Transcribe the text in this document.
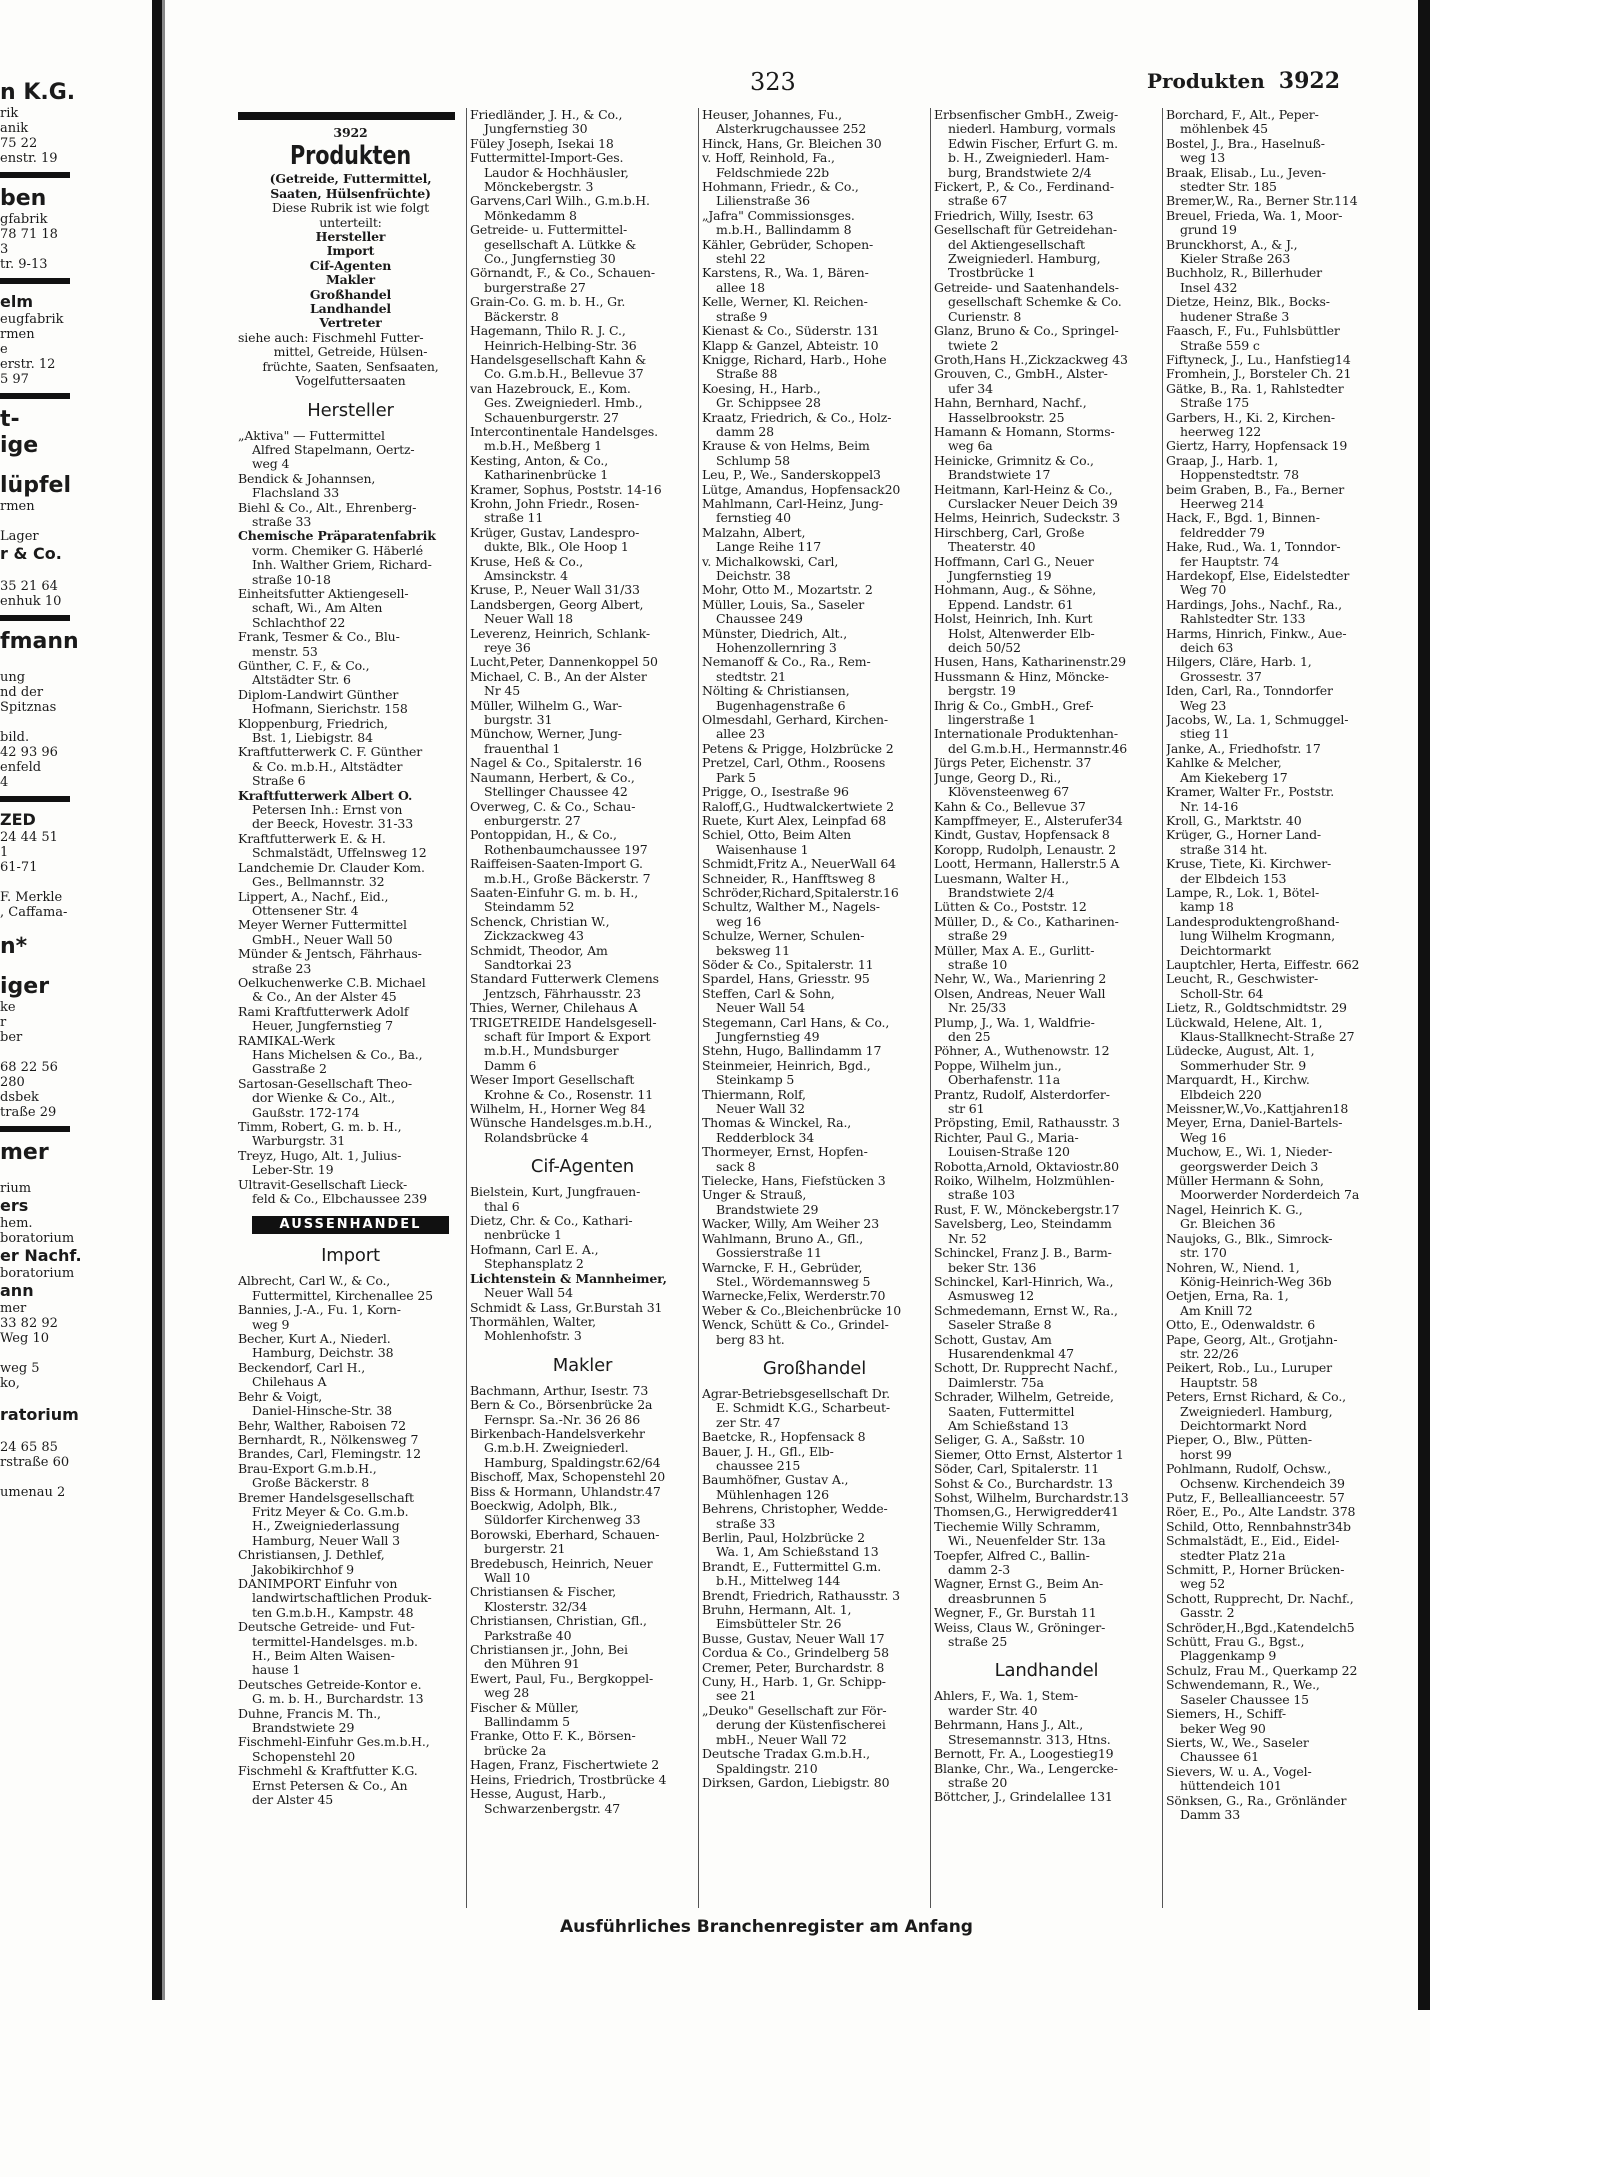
n K.G.
rik
anik
75 22
enstr. 19
ben
gfabrik
78 71 18
3
tr. 9-13
elm
eugfabrik
rmen
e
erstr. 12
5 97
t-
ige
lüpfel
rmen

Lager
r & Co.

35 21 64
enhuk 10
fmann

ung
nd der
Spitznas

bild.
42 93 96
enfeld
4
ZED
24 44 51
1
61-71

F. Merkle
, Caffama-
n*
iger
ke
r
ber

68 22 56
280
dsbek
traße 29
mer

rium
ers
hem.
boratorium
er Nachf.
boratorium
ann
mer
33 82 92
Weg 10

weg 5
ko,
ratorium

24 65 85
rstraße 60

umenau 2
323	Produkten 3922
3922
Produkten
(Getreide, Futtermittel,
Saaten, Hülsenfrüchte)
Diese Rubrik ist wie folgt
unterteilt:
Hersteller
Import
Cif-Agenten
Makler
Großhandel
Landhandel
Vertreter
siehe auch: Fischmehl Futter-
mittel, Getreide, Hülsen-
früchte, Saaten, Senfsaaten,
Vogelfuttersaaten
Hersteller
„Aktiva" — Futtermittel
Alfred Stapelmann, Oertz-
weg 4
Bendick & Johannsen,
Flachsland 33
Biehl & Co., Alt., Ehrenberg-
straße 33
Chemische Präparatenfabrik
vorm. Chemiker G. Häberlé
Inh. Walther Griem, Richard-
straße 10-18
Einheitsfutter Aktiengesell-
schaft, Wi., Am Alten
Schlachthof 22
Frank, Tesmer & Co., Blu-
menstr. 53
Günther, C. F., & Co.,
Altstädter Str. 6
Diplom-Landwirt Günther
Hofmann, Sierichstr. 158
Kloppenburg, Friedrich,
Bst. 1, Liebigstr. 84
Kraftfutterwerk C. F. Günther
& Co. m.b.H., Altstädter
Straße 6
Kraftfutterwerk Albert O.
Petersen Inh.: Ernst von
der Beeck, Hovestr. 31-33
Kraftfutterwerk E. & H.
Schmalstädt, Uffelnsweg 12
Landchemie Dr. Clauder Kom.
Ges., Bellmannstr. 32
Lippert, A., Nachf., Eid.,
Ottensener Str. 4
Meyer Werner Futtermittel
GmbH., Neuer Wall 50
Münder & Jentsch, Fährhaus-
straße 23
Oelkuchenwerke C.B. Michael
& Co., An der Alster 45
Rami Kraftfutterwerk Adolf
Heuer, Jungfernstieg 7
RAMIKAL-Werk
Hans Michelsen & Co., Ba.,
Gasstraße 2
Sartosan-Gesellschaft Theo-
dor Wienke & Co., Alt.,
Gaußstr. 172-174
Timm, Robert, G. m. b. H.,
Warburgstr. 31
Treyz, Hugo, Alt. 1, Julius-
Leber-Str. 19
Ultravit-Gesellschaft Lieck-
feld & Co., Elbchaussee 239
AUSSENHANDEL
Import
Albrecht, Carl W., & Co.,
Futtermittel, Kirchenallee 25
Bannies, J.-A., Fu. 1, Korn-
weg 9
Becher, Kurt A., Niederl.
Hamburg, Deichstr. 38
Beckendorf, Carl H.,
Chilehaus A
Behr & Voigt,
Daniel-Hinsche-Str. 38
Behr, Walther, Raboisen 72
Bernhardt, R., Nölkensweg 7
Brandes, Carl, Flemingstr. 12
Brau-Export G.m.b.H.,
Große Bäckerstr. 8
Bremer Handelsgesellschaft
Fritz Meyer & Co. G.m.b.
H., Zweigniederlassung
Hamburg, Neuer Wall 3
Christiansen, J. Dethlef,
Jakobikirchhof 9
DANIMPORT Einfuhr von
landwirtschaftlichen Produk-
ten G.m.b.H., Kampstr. 48
Deutsche Getreide- und Fut-
termittel-Handelsges. m.b.
H., Beim Alten Waisen-
hause 1
Deutsches Getreide-Kontor e.
G. m. b. H., Burchardstr. 13
Duhne, Francis M. Th.,
Brandstwiete 29
Fischmehl-Einfuhr Ges.m.b.H.,
Schopenstehl 20
Fischmehl & Kraftfutter K.G.
Ernst Petersen & Co., An
der Alster 45
Friedländer, J. H., & Co.,
Jungfernstieg 30
Füley Joseph, Isekai 18
Futtermittel-Import-Ges.
Laudor & Hochhäusler,
Mönckebergstr. 3
Garvens,Carl Wilh., G.m.b.H.
Mönkedamm 8
Getreide- u. Futtermittel-
gesellschaft A. Lütkke &
Co., Jungfernstieg 30
Görnandt, F., & Co., Schauen-
burgerstraße 27
Grain-Co. G. m. b. H., Gr.
Bäckerstr. 8
Hagemann, Thilo R. J. C.,
Heinrich-Helbing-Str. 36
Handelsgesellschaft Kahn &
Co. G.m.b.H., Bellevue 37
van Hazebrouck, E., Kom.
Ges. Zweigniederl. Hmb.,
Schauenburgerstr. 27
Intercontinentale Handelsges.
m.b.H., Meßberg 1
Kesting, Anton, & Co.,
Katharinenbrücke 1
Kramer, Sophus, Poststr. 14-16
Krohn, John Friedr., Rosen-
straße 11
Krüger, Gustav, Landespro-
dukte, Blk., Ole Hoop 1
Kruse, Heß & Co.,
Amsinckstr. 4
Kruse, P., Neuer Wall 31/33
Landsbergen, Georg Albert,
Neuer Wall 18
Leverenz, Heinrich, Schlank-
reye 36
Lucht,Peter, Dannenkoppel 50
Michael, C. B., An der Alster
Nr 45
Müller, Wilhelm G., War-
burgstr. 31
Münchow, Werner, Jung-
frauenthal 1
Nagel & Co., Spitalerstr. 16
Naumann, Herbert, & Co.,
Stellinger Chaussee 42
Overweg, C. & Co., Schau-
enburgerstr. 27
Pontoppidan, H., & Co.,
Rothenbaumchaussee 197
Raiffeisen-Saaten-Import G.
m.b.H., Große Bäckerstr. 7
Saaten-Einfuhr G. m. b. H.,
Steindamm 52
Schenck, Christian W.,
Zickzackweg 43
Schmidt, Theodor, Am
Sandtorkai 23
Standard Futterwerk Clemens
Jentzsch, Fährhausstr. 23
Thies, Werner, Chilehaus A
TRIGETREIDE Handelsgesell-
schaft für Import & Export
m.b.H., Mundsburger
Damm 6
Weser Import Gesellschaft
Krohne & Co., Rosenstr. 11
Wilhelm, H., Horner Weg 84
Wünsche Handelsges.m.b.H.,
Rolandsbrücke 4
Cif-Agenten
Bielstein, Kurt, Jungfrauen-
thal 6
Dietz, Chr. & Co., Kathari-
nenbrücke 1
Hofmann, Carl E. A.,
Stephansplatz 2
Lichtenstein & Mannheimer,
Neuer Wall 54
Schmidt & Lass, Gr.Burstah 31
Thormählen, Walter,
Mohlenhofstr. 3
Makler
Bachmann, Arthur, Isestr. 73
Bern & Co., Börsenbrücke 2a
Fernspr. Sa.-Nr. 36 26 86
Birkenbach-Handelsverkehr
G.m.b.H. Zweigniederl.
Hamburg, Spaldingstr.62/64
Bischoff, Max, Schopenstehl 20
Biss & Hormann, Uhlandstr.47
Boeckwig, Adolph, Blk.,
Süldorfer Kirchenweg 33
Borowski, Eberhard, Schauen-
burgerstr. 21
Bredebusch, Heinrich, Neuer
Wall 10
Christiansen & Fischer,
Klosterstr. 32/34
Christiansen, Christian, Gfl.,
Parkstraße 40
Christiansen jr., John, Bei
den Mühren 91
Ewert, Paul, Fu., Bergkoppel-
weg 28
Fischer & Müller,
Ballindamm 5
Franke, Otto F. K., Börsen-
brücke 2a
Hagen, Franz, Fischertwiete 2
Heins, Friedrich, Trostbrücke 4
Hesse, August, Harb.,
Schwarzenbergstr. 47
Heuser, Johannes, Fu.,
Alsterkrugchaussee 252
Hinck, Hans, Gr. Bleichen 30
v. Hoff, Reinhold, Fa.,
Feldschmiede 22b
Hohmann, Friedr., & Co.,
Lilienstraße 36
„Jafra" Commissionsges.
m.b.H., Ballindamm 8
Kähler, Gebrüder, Schopen-
stehl 22
Karstens, R., Wa. 1, Bären-
allee 18
Kelle, Werner, Kl. Reichen-
straße 9
Kienast & Co., Süderstr. 131
Klapp & Ganzel, Abteistr. 10
Knigge, Richard, Harb., Hohe
Straße 88
Koesing, H., Harb.,
Gr. Schippsee 28
Kraatz, Friedrich, & Co., Holz-
damm 28
Krause & von Helms, Beim
Schlump 58
Leu, P., We., Sanderskoppel3
Lütge, Amandus, Hopfensack20
Mahlmann, Carl-Heinz, Jung-
fernstieg 40
Malzahn, Albert,
Lange Reihe 117
v. Michalkowski, Carl,
Deichstr. 38
Mohr, Otto M., Mozartstr. 2
Müller, Louis, Sa., Saseler
Chaussee 249
Münster, Diedrich, Alt.,
Hohenzollernring 3
Nemanoff & Co., Ra., Rem-
stedtstr. 21
Nölting & Christiansen,
Bugenhagenstraße 6
Olmesdahl, Gerhard, Kirchen-
allee 23
Petens & Prigge, Holzbrücke 2
Pretzel, Carl, Othm., Roosens
Park 5
Prigge, O., Isestraße 96
Raloff,G., Hudtwalckertwiete 2
Ruete, Kurt Alex, Leinpfad 68
Schiel, Otto, Beim Alten
Waisenhause 1
Schmidt,Fritz A., NeuerWall 64
Schneider, R., Hanfftsweg 8
Schröder,Richard,Spitalerstr.16
Schultz, Walther M., Nagels-
weg 16
Schulze, Werner, Schulen-
beksweg 11
Söder & Co., Spitalerstr. 11
Spardel, Hans, Griesstr. 95
Steffen, Carl & Sohn,
Neuer Wall 54
Stegemann, Carl Hans, & Co.,
Jungfernstieg 49
Stehn, Hugo, Ballindamm 17
Steinmeier, Heinrich, Bgd.,
Steinkamp 5
Thiermann, Rolf,
Neuer Wall 32
Thomas & Winckel, Ra.,
Redderblock 34
Thormeyer, Ernst, Hopfen-
sack 8
Tielecke, Hans, Fiefstücken 3
Unger & Strauß,
Brandstwiete 29
Wacker, Willy, Am Weiher 23
Wahlmann, Bruno A., Gfl.,
Gossierstraße 11
Warncke, F. H., Gebrüder,
Stel., Wördemannsweg 5
Warnecke,Felix, Werderstr.70
Weber & Co.,Bleichenbrücke 10
Wenck, Schütt & Co., Grindel-
berg 83 ht.
Großhandel
Agrar-Betriebsgesellschaft Dr.
E. Schmidt K.G., Scharbeut-
zer Str. 47
Baetcke, R., Hopfensack 8
Bauer, J. H., Gfl., Elb-
chaussee 215
Baumhöfner, Gustav A.,
Mühlenhagen 126
Behrens, Christopher, Wedde-
straße 33
Berlin, Paul, Holzbrücke 2
Wa. 1, Am Schießstand 13
Brandt, E., Futtermittel G.m.
b.H., Mittelweg 144
Brendt, Friedrich, Rathausstr. 3
Bruhn, Hermann, Alt. 1,
Eimsbütteler Str. 26
Busse, Gustav, Neuer Wall 17
Cordua & Co., Grindelberg 58
Cremer, Peter, Burchardstr. 8
Cuny, H., Harb. 1, Gr. Schipp-
see 21
„Deuko" Gesellschaft zur För-
derung der Küstenfischerei
mbH., Neuer Wall 72
Deutsche Tradax G.m.b.H.,
Spaldingstr. 210
Dirksen, Gardon, Liebigstr. 80
Erbsenfischer GmbH., Zweig-
niederl. Hamburg, vormals
Edwin Fischer, Erfurt G. m.
b. H., Zweigniederl. Ham-
burg, Brandstwiete 2/4
Fickert, P., & Co., Ferdinand-
straße 67
Friedrich, Willy, Isestr. 63
Gesellschaft für Getreidehan-
del Aktiengesellschaft
Zweigniederl. Hamburg,
Trostbrücke 1
Getreide- und Saatenhandels-
gesellschaft Schemke & Co.
Curienstr. 8
Glanz, Bruno & Co., Springel-
twiete 2
Groth,Hans H.,Zickzackweg 43
Grouven, C., GmbH., Alster-
ufer 34
Hahn, Bernhard, Nachf.,
Hasselbrookstr. 25
Hamann & Homann, Storms-
weg 6a
Heinicke, Grimnitz & Co.,
Brandstwiete 17
Heitmann, Karl-Heinz & Co.,
Curslacker Neuer Deich 39
Helms, Heinrich, Sudeckstr. 3
Hirschberg, Carl, Große
Theaterstr. 40
Hoffmann, Carl G., Neuer
Jungfernstieg 19
Hohmann, Aug., & Söhne,
Eppend. Landstr. 61
Holst, Heinrich, Inh. Kurt
Holst, Altenwerder Elb-
deich 50/52
Husen, Hans, Katharinenstr.29
Hussmann & Hinz, Möncke-
bergstr. 19
Ihrig & Co., GmbH., Gref-
lingerstraße 1
Internationale Produktenhan-
del G.m.b.H., Hermannstr.46
Jürgs Peter, Eichenstr. 37
Junge, Georg D., Ri.,
Klövensteenweg 67
Kahn & Co., Bellevue 37
Kampffmeyer, E., Alsterufer34
Kindt, Gustav, Hopfensack 8
Koropp, Rudolph, Lenaustr. 2
Loott, Hermann, Hallerstr.5 A
Luesmann, Walter H.,
Brandstwiete 2/4
Lütten & Co., Poststr. 12
Müller, D., & Co., Katharinen-
straße 29
Müller, Max A. E., Gurlitt-
straße 10
Nehr, W., Wa., Marienring 2
Olsen, Andreas, Neuer Wall
Nr. 25/33
Plump, J., Wa. 1, Waldfrie-
den 25
Pöhner, A., Wuthenowstr. 12
Poppe, Wilhelm jun.,
Oberhafenstr. 11a
Prantz, Rudolf, Alsterdorfer-
str 61
Pröpsting, Emil, Rathausstr. 3
Richter, Paul G., Maria-
Louisen-Straße 120
Robotta,Arnold, Oktaviostr.80
Roiko, Wilhelm, Holzmühlen-
straße 103
Rust, F. W., Mönckebergstr.17
Savelsberg, Leo, Steindamm
Nr. 52
Schinckel, Franz J. B., Barm-
beker Str. 136
Schinckel, Karl-Hinrich, Wa.,
Asmusweg 12
Schmedemann, Ernst W., Ra.,
Saseler Straße 8
Schott, Gustav, Am
Husarendenkmal 47
Schott, Dr. Rupprecht Nachf.,
Daimlerstr. 75a
Schrader, Wilhelm, Getreide,
Saaten, Futtermittel
Am Schießstand 13
Seliger, G. A., Saßstr. 10
Siemer, Otto Ernst, Alstertor 1
Söder, Carl, Spitalerstr. 11
Sohst & Co., Burchardstr. 13
Sohst, Wilhelm, Burchardstr.13
Thomsen,G., Herwigredder41
Tiechemie Willy Schramm,
Wi., Neuenfelder Str. 13a
Toepfer, Alfred C., Ballin-
damm 2-3
Wagner, Ernst G., Beim An-
dreasbrunnen 5
Wegner, F., Gr. Burstah 11
Weiss, Claus W., Gröninger-
straße 25
Landhandel
Ahlers, F., Wa. 1, Stem-
warder Str. 40
Behrmann, Hans J., Alt.,
Stresemannstr. 313, Htns.
Bernott, Fr. A., Loogestieg19
Blanke, Chr., Wa., Lengercke-
straße 20
Böttcher, J., Grindelallee 131
Borchard, F., Alt., Peper-
möhlenbek 45
Bostel, J., Bra., Haselnuß-
weg 13
Braak, Elisab., Lu., Jeven-
stedter Str. 185
Bremer,W., Ra., Berner Str.114
Breuel, Frieda, Wa. 1, Moor-
grund 19
Brunckhorst, A., & J.,
Kieler Straße 263
Buchholz, R., Billerhuder
Insel 432
Dietze, Heinz, Blk., Bocks-
hudener Straße 3
Faasch, F., Fu., Fuhlsbüttler
Straße 559 c
Fiftyneck, J., Lu., Hanfstieg14
Fromhein, J., Borsteler Ch. 21
Gätke, B., Ra. 1, Rahlstedter
Straße 175
Garbers, H., Ki. 2, Kirchen-
heerweg 122
Giertz, Harry, Hopfensack 19
Graap, J., Harb. 1,
Hoppenstedtstr. 78
beim Graben, B., Fa., Berner
Heerweg 214
Hack, F., Bgd. 1, Binnen-
feldredder 79
Hake, Rud., Wa. 1, Tonndor-
fer Hauptstr. 74
Hardekopf, Else, Eidelstedter
Weg 70
Hardings, Johs., Nachf., Ra.,
Rahlstedter Str. 133
Harms, Hinrich, Finkw., Aue-
deich 63
Hilgers, Cläre, Harb. 1,
Grossestr. 37
Iden, Carl, Ra., Tonndorfer
Weg 23
Jacobs, W., La. 1, Schmuggel-
stieg 11
Janke, A., Friedhofstr. 17
Kahlke & Melcher,
Am Kiekeberg 17
Kramer, Walter Fr., Poststr.
Nr. 14-16
Kroll, G., Marktstr. 40
Krüger, G., Horner Land-
straße 314 ht.
Kruse, Tiete, Ki. Kirchwer-
der Elbdeich 153
Lampe, R., Lok. 1, Bötel-
kamp 18
Landesproduktengroßhand-
lung Wilhelm Krogmann,
Deichtormarkt
Lauptchler, Herta, Eiffestr. 662
Leucht, R., Geschwister-
Scholl-Str. 64
Lietz, R., Goldtschmidtstr. 29
Lückwald, Helene, Alt. 1,
Klaus-Stallknecht-Straße 27
Lüdecke, August, Alt. 1,
Sommerhuder Str. 9
Marquardt, H., Kirchw.
Elbdeich 220
Meissner,W.,Vo.,Kattjahren18
Meyer, Erna, Daniel-Bartels-
Weg 16
Muchow, E., Wi. 1, Nieder-
georgswerder Deich 3
Müller Hermann & Sohn,
Moorwerder Norderdeich 7a
Nagel, Heinrich K. G.,
Gr. Bleichen 36
Naujoks, G., Blk., Simrock-
str. 170
Nohren, W., Niend. 1,
König-Heinrich-Weg 36b
Oetjen, Erna, Ra. 1,
Am Knill 72
Otto, E., Odenwaldstr. 6
Pape, Georg, Alt., Grotjahn-
str. 22/26
Peikert, Rob., Lu., Luruper
Hauptstr. 58
Peters, Ernst Richard, & Co.,
Zweigniederl. Hamburg,
Deichtormarkt Nord
Pieper, O., Blw., Pütten-
horst 99
Pohlmann, Rudolf, Ochsw.,
Ochsenw. Kirchendeich 39
Putz, F., Belleallianceestr. 57
Röer, E., Po., Alte Landstr. 378
Schild, Otto, Rennbahnstr34b
Schmalstädt, E., Eid., Eidel-
stedter Platz 21a
Schmitt, P., Horner Brücken-
weg 52
Schott, Rupprecht, Dr. Nachf.,
Gasstr. 2
Schröder,H.,Bgd.,Katendelch5
Schütt, Frau G., Bgst.,
Plaggenkamp 9
Schulz, Frau M., Querkamp 22
Schwendemann, R., We.,
Saseler Chaussee 15
Siemers, H., Schiff-
beker Weg 90
Sierts, W., We., Saseler
Chaussee 61
Sievers, W. u. A., Vogel-
hüttendeich 101
Sönksen, G., Ra., Grönländer
Damm 33
Ausführliches Branchenregister am Anfang
